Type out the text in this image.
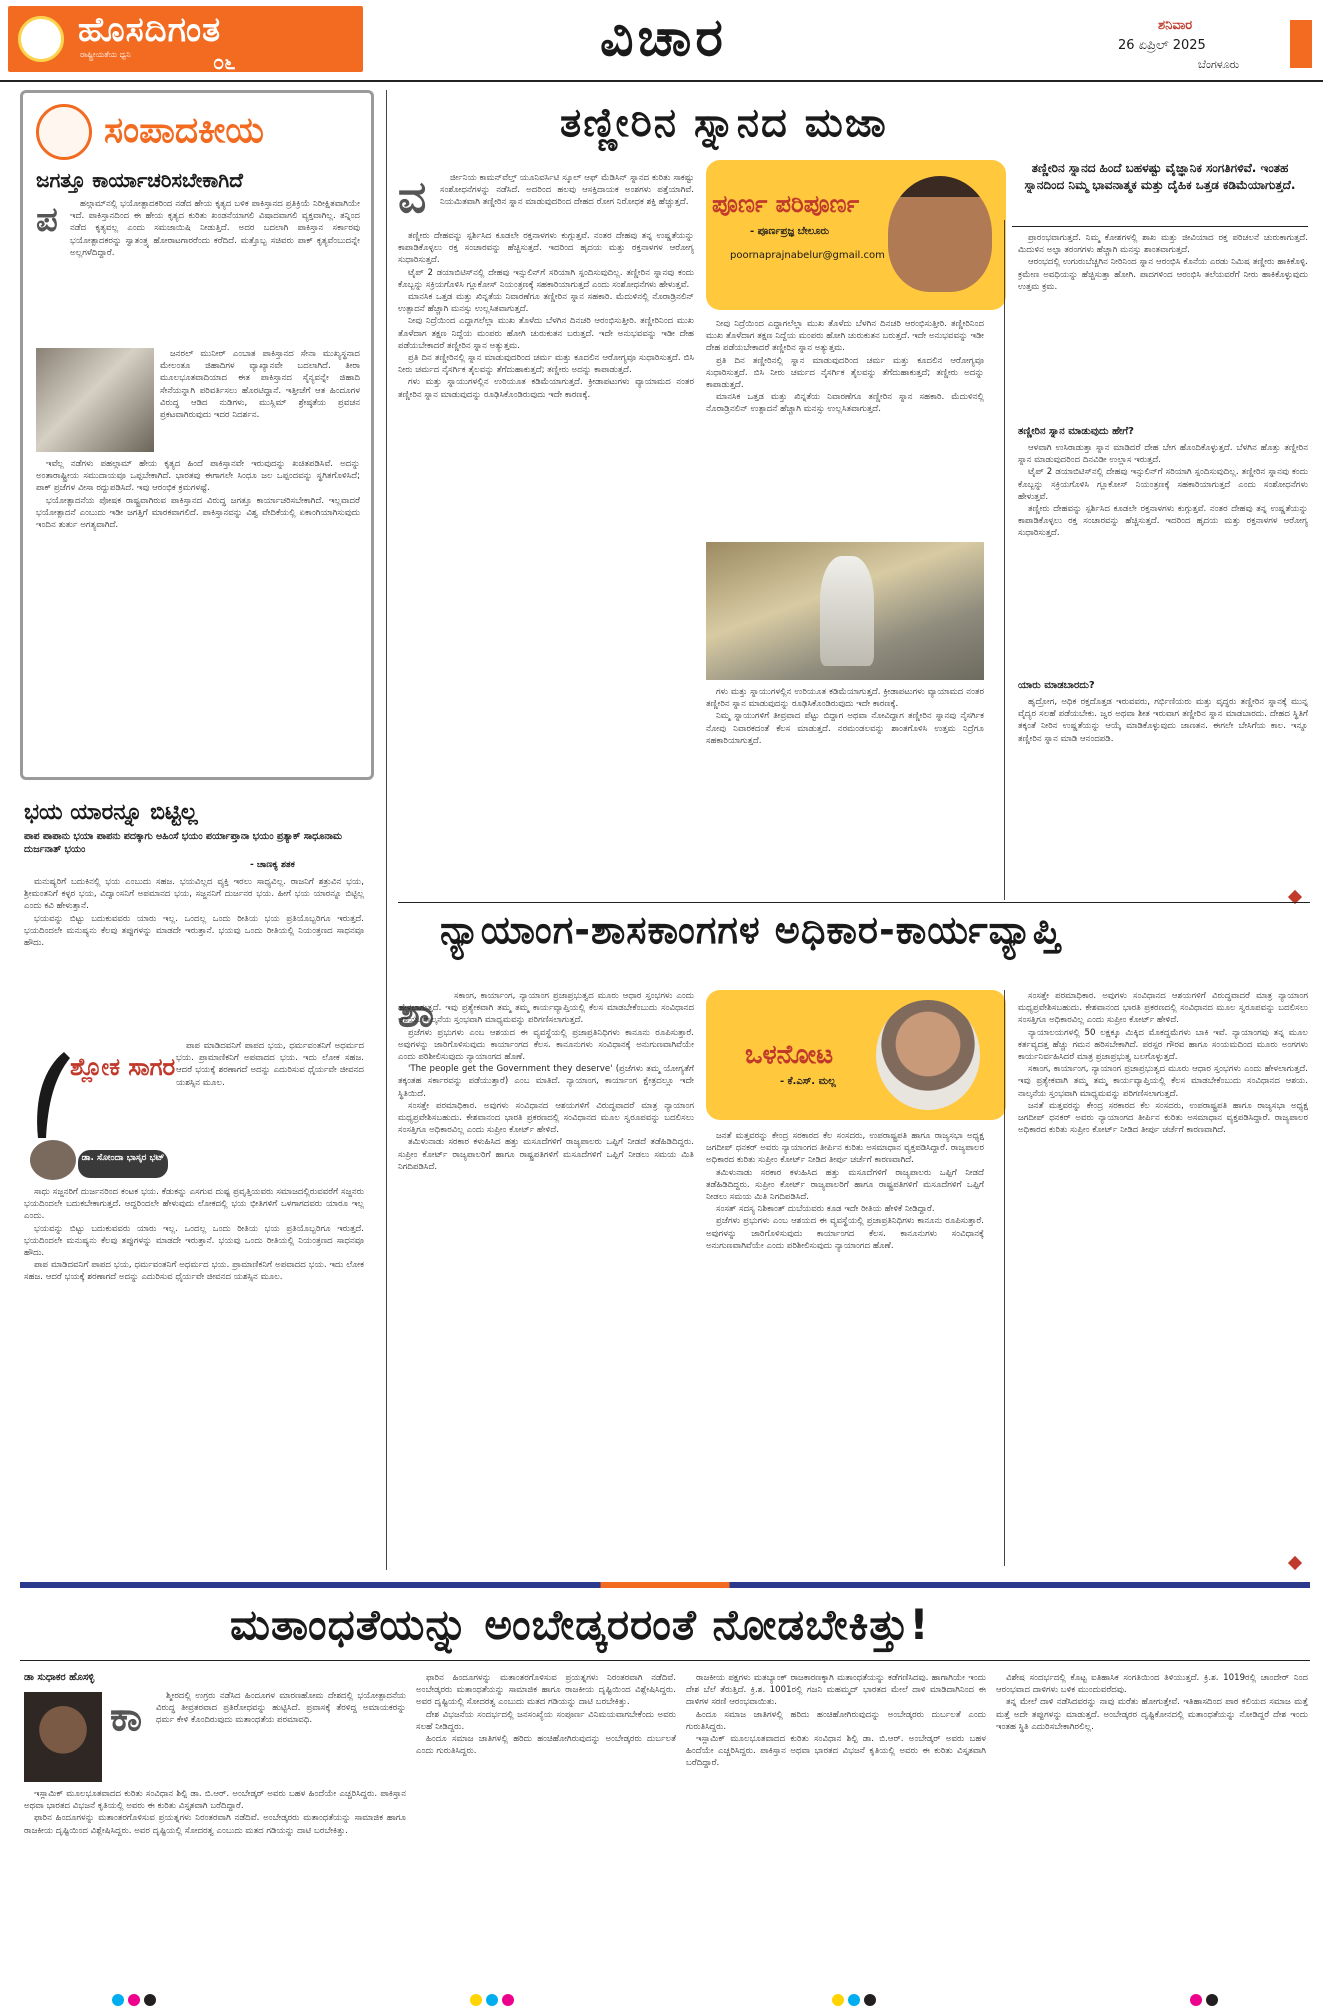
ಹೊಸದಿಗಂತ
ರಾಷ್ಟ್ರೀಯತೆಯ ಧ್ವನಿ	೦೬	ವಿಚಾರ	ಶನಿವಾರ
26 ಏಪ್ರಿಲ್ 2025
ಬೆಂಗಳೂರು
ಸಂಪಾದಕೀಯ
ಜಗತ್ತೂ ಕಾರ್ಯಾಚರಿಸಬೇಕಾಗಿದೆ
ಪ	ಹಲ್ಗಾಮ್‌ನಲ್ಲಿ ಭಯೋತ್ಪಾದಕರಿಂದ ನಡೆದ ಹೇಯ ಕೃತ್ಯದ ಬಳಿಕ ಪಾಕಿಸ್ತಾನದ ಪ್ರತಿಕ್ರಿಯೆ ನಿರೀಕ್ಷಿತವಾಗಿಯೇ ಇದೆ. ಪಾಕಿಸ್ತಾನದಿಂದ ಈ ಹೇಯ ಕೃತ್ಯದ ಕುರಿತು ಖಂಡನೆಯಾಗಲಿ ವಿಷಾದವಾಗಲಿ ವ್ಯಕ್ತವಾಗಿಲ್ಲ. ತನ್ನಿಂದ ನಡೆದ ಕೃತ್ಯವಲ್ಲ ಎಂದು ಸಮಜಾಯಿಷಿ ನೀಡುತ್ತಿದೆ. ಅದರ ಬದಲಾಗಿ ಪಾಕಿಸ್ತಾನ ಸರ್ಕಾರವು ಭಯೋತ್ಪಾದಕರನ್ನು ಸ್ವಾತಂತ್ರ್ಯ ಹೋರಾಟಗಾರರೆಂದು ಕರೆದಿದೆ. ಮತ್ತೊಬ್ಬ ಸಚಿವರು ಪಾಕ್ ಕೃತ್ಯವೆಂಬುದನ್ನೇ ಅಲ್ಲಗಳೆದಿದ್ದಾರೆ.

ಜನರಲ್ ಮುನೀರ್ ಎಂಬಾತ ಪಾಕಿಸ್ತಾನದ ಸೇನಾ ಮುಖ್ಯಸ್ಥನಾದ ಮೇಲಂತೂ ಜಿಹಾದಿಗಳ ವ್ಯಾಖ್ಯಾನವೇ ಬದಲಾಗಿದೆ. ತೀರಾ ಮೂಲಭೂತವಾದಿಯಾದ ಈತ ಪಾಕಿಸ್ತಾನದ ಸೈನ್ಯವನ್ನೇ ಜಿಹಾದಿ ಸೇನೆಯನ್ನಾಗಿ ಪರಿವರ್ತಿಸಲು ಹೊರಟಿದ್ದಾನೆ. ಇತ್ತೀಚೆಗೆ ಆತ ಹಿಂದೂಗಳ ವಿರುದ್ಧ ಆಡಿದ ನುಡಿಗಳು, ಮುಸ್ಲಿಮ್ ಶ್ರೇಷ್ಠತೆಯ ಪ್ರವಚನ ಪ್ರಕಟವಾಗಿರುವುದು ಇದರ ನಿದರ್ಶನ.

ಇವೆಲ್ಲ ನಡೆಗಳು ಪಹಲ್ಗಾಮ್ ಹೇಯ ಕೃತ್ಯದ ಹಿಂದೆ ಪಾಕಿಸ್ತಾನವೇ ಇರುವುದನ್ನು ಖಚಿತಪಡಿಸಿವೆ. ಅದನ್ನು ಅಂತಾರಾಷ್ಟ್ರೀಯ ಸಮುದಾಯವೂ ಒಪ್ಪಬೇಕಾಗಿದೆ. ಭಾರತವು ಈಗಾಗಲೇ ಸಿಂಧೂ ಜಲ ಒಪ್ಪಂದವನ್ನು ಸ್ಥಗಿತಗೊಳಿಸಿದೆ; ಪಾಕ್ ಪ್ರಜೆಗಳ ವೀಸಾ ರದ್ದುಪಡಿಸಿದೆ. ಇವು ಆರಂಭಿಕ ಕ್ರಮಗಳಷ್ಟೆ.

ಭಯೋತ್ಪಾದನೆಯ ಪೋಷಕ ರಾಷ್ಟ್ರವಾಗಿರುವ ಪಾಕಿಸ್ತಾನದ ವಿರುದ್ಧ ಜಗತ್ತೂ ಕಾರ್ಯಾಚರಿಸಬೇಕಾಗಿದೆ. ಇಲ್ಲವಾದರೆ ಭಯೋತ್ಪಾದನೆ ಎಂಬುದು ಇಡೀ ಜಗತ್ತಿಗೆ ಮಾರಕವಾಗಲಿದೆ. ಪಾಕಿಸ್ತಾನವನ್ನು ವಿಶ್ವ ವೇದಿಕೆಯಲ್ಲಿ ಏಕಾಂಗಿಯಾಗಿಸುವುದು ಇಂದಿನ ತುರ್ತು ಅಗತ್ಯವಾಗಿದೆ.

ಭಯ ಯಾರನ್ನೂ ಬಿಟ್ಟಿಲ್ಲ
ಪಾಪ ಪಾಪಾನು ಭಯಾ ಪಾಪನು ಪದಕ್ಕಾಗು ಅಹಿಂಸೆ ಭಯಂ ಪರ್ಯಾಪ್ತಾನಾ ಭಯಂ ಪ್ರತ್ಯಾಕ್ ಸಾಧೂನಾಮ ದುರ್ಜನಾತ್ ಭಯಂ
- ಚಾಣಕ್ಯ ಶತಕ

ಮನುಷ್ಯರಿಗೆ ಬದುಕಿನಲ್ಲಿ ಭಯ ಎಂಬುದು ಸಹಜ. ಭಯವಿಲ್ಲದ ವ್ಯಕ್ತಿ ಇರಲು ಸಾಧ್ಯವಿಲ್ಲ. ರಾಜನಿಗೆ ಶತ್ರುವಿನ ಭಯ, ಶ್ರೀಮಂತನಿಗೆ ಕಳ್ಳರ ಭಯ, ವಿದ್ವಾಂಸನಿಗೆ ಅಪಮಾನದ ಭಯ, ಸಜ್ಜನನಿಗೆ ದುರ್ಜನರ ಭಯ. ಹೀಗೆ ಭಯ ಯಾರನ್ನೂ ಬಿಟ್ಟಿಲ್ಲ ಎಂದು ಕವಿ ಹೇಳುತ್ತಾನೆ.

ಭಯವನ್ನು ಬಿಟ್ಟು ಬದುಕುವವರು ಯಾರು ಇಲ್ಲ. ಒಂದಲ್ಲ ಒಂದು ರೀತಿಯ ಭಯ ಪ್ರತಿಯೊಬ್ಬರಿಗೂ ಇರುತ್ತದೆ. ಭಯದಿಂದಲೇ ಮನುಷ್ಯನು ಕೆಲವು ತಪ್ಪುಗಳನ್ನು ಮಾಡದೇ ಇರುತ್ತಾನೆ. ಭಯವು ಒಂದು ರೀತಿಯಲ್ಲಿ ನಿಯಂತ್ರಣದ ಸಾಧನವೂ ಹೌದು.

ಶ್ಲೋಕ ಸಾಗರ
ಡಾ. ಸೋಂದಾ ಭಾಸ್ಕರ ಭಟ್

ಪಾಪ ಮಾಡಿದವನಿಗೆ ಪಾಪದ ಭಯ, ಧರ್ಮವಂತನಿಗೆ ಅಧರ್ಮದ ಭಯ. ಪ್ರಾಮಾಣಿಕನಿಗೆ ಅಪವಾದದ ಭಯ. ಇದು ಲೋಕ ಸಹಜ. ಆದರೆ ಭಯಕ್ಕೆ ಶರಣಾಗದೆ ಅದನ್ನು ಎದುರಿಸುವ ಧೈರ್ಯವೇ ಜೀವನದ ಯಶಸ್ಸಿನ ಮೂಲ.

ಸಾಧು ಸಜ್ಜನರಿಗೆ ದುರ್ಜನರಿಂದ ಕಂಟಕ ಭಯ. ಕೆಡುಕನ್ನು ಎಸಗುವ ದುಷ್ಟ ಪ್ರವೃತ್ತಿಯವರು ಸಮಾಜದಲ್ಲಿರುವವರೆಗೆ ಸಜ್ಜನರು ಭಯದಿಂದಲೇ ಬದುಕಬೇಕಾಗುತ್ತದೆ. ಆದ್ದರಿಂದಲೇ ಹೇಳುವುದು ಲೋಕದಲ್ಲಿ ಭಯ ಭೀತಿಗಳಿಗೆ ಒಳಗಾಗದವರು ಯಾರೂ ಇಲ್ಲ ಎಂದು.

ಭಯವನ್ನು ಬಿಟ್ಟು ಬದುಕುವವರು ಯಾರು ಇಲ್ಲ. ಒಂದಲ್ಲ ಒಂದು ರೀತಿಯ ಭಯ ಪ್ರತಿಯೊಬ್ಬರಿಗೂ ಇರುತ್ತದೆ. ಭಯದಿಂದಲೇ ಮನುಷ್ಯನು ಕೆಲವು ತಪ್ಪುಗಳನ್ನು ಮಾಡದೇ ಇರುತ್ತಾನೆ. ಭಯವು ಒಂದು ರೀತಿಯಲ್ಲಿ ನಿಯಂತ್ರಣದ ಸಾಧನವೂ ಹೌದು.

ಪಾಪ ಮಾಡಿದವನಿಗೆ ಪಾಪದ ಭಯ, ಧರ್ಮವಂತನಿಗೆ ಅಧರ್ಮದ ಭಯ. ಪ್ರಾಮಾಣಿಕನಿಗೆ ಅಪವಾದದ ಭಯ. ಇದು ಲೋಕ ಸಹಜ. ಆದರೆ ಭಯಕ್ಕೆ ಶರಣಾಗದೆ ಅದನ್ನು ಎದುರಿಸುವ ಧೈರ್ಯವೇ ಜೀವನದ ಯಶಸ್ಸಿನ ಮೂಲ.

ತಣ್ಣೀರಿನ ಸ್ನಾನದ ಮಜಾ
ತಣ್ಣೀರಿನ ಸ್ನಾನದ ಹಿಂದೆ ಬಹಳಷ್ಟು ವೈಜ್ಞಾನಿಕ ಸಂಗತಿಗಳಿವೆ. ಇಂತಹ ಸ್ನಾನದಿಂದ ನಿಮ್ಮ ಭಾವನಾತ್ಮಕ ಮತ್ತು ದೈಹಿಕ ಒತ್ತಡ ಕಡಿಮೆಯಾಗುತ್ತದೆ.
ವ	ರ್ಜೀನಿಯ ಕಾಮನ್‌ವೆಲ್ತ್ ಯೂನಿವರ್ಸಿಟಿ ಸ್ಕೂಲ್ ಆಫ್ ಮೆಡಿಸಿನ್ ಸ್ನಾನದ ಕುರಿತು ಸಾಕಷ್ಟು ಸಂಶೋಧನೆಗಳನ್ನು ನಡೆಸಿದೆ. ಅದರಿಂದ ಹಲವು ಆಸಕ್ತಿದಾಯಕ ಅಂಶಗಳು ಪತ್ತೆಯಾಗಿವೆ. ನಿಯಮಿತವಾಗಿ ತಣ್ಣೀರಿನ ಸ್ನಾನ ಮಾಡುವುದರಿಂದ ದೇಹದ ರೋಗ ನಿರೋಧಕ ಶಕ್ತಿ ಹೆಚ್ಚುತ್ತದೆ.

ತಣ್ಣೀರು ದೇಹವನ್ನು ಸ್ಪರ್ಶಿಸಿದ ಕೂಡಲೇ ರಕ್ತನಾಳಗಳು ಕುಗ್ಗುತ್ತವೆ. ನಂತರ ದೇಹವು ತನ್ನ ಉಷ್ಣತೆಯನ್ನು ಕಾಪಾಡಿಕೊಳ್ಳಲು ರಕ್ತ ಸಂಚಾರವನ್ನು ಹೆಚ್ಚಿಸುತ್ತದೆ. ಇದರಿಂದ ಹೃದಯ ಮತ್ತು ರಕ್ತನಾಳಗಳ ಆರೋಗ್ಯ ಸುಧಾರಿಸುತ್ತದೆ.

ಟೈಪ್ 2 ಡಯಾಬಿಟಿಸ್‌ನಲ್ಲಿ ದೇಹವು ಇನ್ಸುಲಿನ್‌ಗೆ ಸರಿಯಾಗಿ ಸ್ಪಂದಿಸುವುದಿಲ್ಲ. ತಣ್ಣೀರಿನ ಸ್ನಾನವು ಕಂದು ಕೊಬ್ಬನ್ನು ಸಕ್ರಿಯಗೊಳಿಸಿ ಗ್ಲೂಕೋಸ್ ನಿಯಂತ್ರಣಕ್ಕೆ ಸಹಕಾರಿಯಾಗುತ್ತದೆ ಎಂದು ಸಂಶೋಧನೆಗಳು ಹೇಳುತ್ತವೆ.

ಮಾನಸಿಕ ಒತ್ತಡ ಮತ್ತು ಖಿನ್ನತೆಯ ನಿವಾರಣೆಗೂ ತಣ್ಣೀರಿನ ಸ್ನಾನ ಸಹಕಾರಿ. ಮೆದುಳಿನಲ್ಲಿ ನೊರಾಡ್ರಿನಲಿನ್ ಉತ್ಪಾದನೆ ಹೆಚ್ಚಾಗಿ ಮನಸ್ಸು ಉಲ್ಲಸಿತವಾಗುತ್ತದೆ.

ನೀವು ನಿದ್ರೆಯಿಂದ ಎದ್ದಾಗಲೆಲ್ಲಾ ಮುಖ ತೊಳೆದು ಬೆಳಗಿನ ದಿನಚರಿ ಆರಂಭಿಸುತ್ತೀರಿ. ತಣ್ಣೀರಿನಿಂದ ಮುಖ ತೊಳೆದಾಗ ತಕ್ಷಣ ನಿದ್ದೆಯ ಮಂಪರು ಹೋಗಿ ಚುರುಕುತನ ಬರುತ್ತದೆ. ಇದೇ ಅನುಭವವನ್ನು ಇಡೀ ದೇಹ ಪಡೆಯಬೇಕಾದರೆ ತಣ್ಣೀರಿನ ಸ್ನಾನ ಅತ್ಯುತ್ತಮ.

ಪ್ರತಿ ದಿನ ತಣ್ಣೀರಿನಲ್ಲಿ ಸ್ನಾನ ಮಾಡುವುದರಿಂದ ಚರ್ಮ ಮತ್ತು ಕೂದಲಿನ ಆರೋಗ್ಯವೂ ಸುಧಾರಿಸುತ್ತದೆ. ಬಿಸಿ ನೀರು ಚರ್ಮದ ನೈಸರ್ಗಿಕ ತೈಲವನ್ನು ತೆಗೆದುಹಾಕುತ್ತದೆ; ತಣ್ಣೀರು ಅದನ್ನು ಕಾಪಾಡುತ್ತದೆ.

ಗಳು ಮತ್ತು ಸ್ನಾಯುಗಳಲ್ಲಿನ ಉರಿಯೂತ ಕಡಿಮೆಯಾಗುತ್ತದೆ. ಕ್ರೀಡಾಪಟುಗಳು ವ್ಯಾಯಾಮದ ನಂತರ ತಣ್ಣೀರಿನ ಸ್ನಾನ ಮಾಡುವುದನ್ನು ರೂಢಿಸಿಕೊಂಡಿರುವುದು ಇದೇ ಕಾರಣಕ್ಕೆ.

ಪೂರ್ಣ ಪರಿಪೂರ್ಣ
- ಪೂರ್ಣಪ್ರಜ್ಞ ಬೇಲೂರು
poornaprajnabelur@gmail.com

ನೀವು ನಿದ್ರೆಯಿಂದ ಎದ್ದಾಗಲೆಲ್ಲಾ ಮುಖ ತೊಳೆದು ಬೆಳಗಿನ ದಿನಚರಿ ಆರಂಭಿಸುತ್ತೀರಿ. ತಣ್ಣೀರಿನಿಂದ ಮುಖ ತೊಳೆದಾಗ ತಕ್ಷಣ ನಿದ್ದೆಯ ಮಂಪರು ಹೋಗಿ ಚುರುಕುತನ ಬರುತ್ತದೆ. ಇದೇ ಅನುಭವವನ್ನು ಇಡೀ ದೇಹ ಪಡೆಯಬೇಕಾದರೆ ತಣ್ಣೀರಿನ ಸ್ನಾನ ಅತ್ಯುತ್ತಮ.

ಪ್ರತಿ ದಿನ ತಣ್ಣೀರಿನಲ್ಲಿ ಸ್ನಾನ ಮಾಡುವುದರಿಂದ ಚರ್ಮ ಮತ್ತು ಕೂದಲಿನ ಆರೋಗ್ಯವೂ ಸುಧಾರಿಸುತ್ತದೆ. ಬಿಸಿ ನೀರು ಚರ್ಮದ ನೈಸರ್ಗಿಕ ತೈಲವನ್ನು ತೆಗೆದುಹಾಕುತ್ತದೆ; ತಣ್ಣೀರು ಅದನ್ನು ಕಾಪಾಡುತ್ತದೆ.

ಮಾನಸಿಕ ಒತ್ತಡ ಮತ್ತು ಖಿನ್ನತೆಯ ನಿವಾರಣೆಗೂ ತಣ್ಣೀರಿನ ಸ್ನಾನ ಸಹಕಾರಿ. ಮೆದುಳಿನಲ್ಲಿ ನೊರಾಡ್ರಿನಲಿನ್ ಉತ್ಪಾದನೆ ಹೆಚ್ಚಾಗಿ ಮನಸ್ಸು ಉಲ್ಲಸಿತವಾಗುತ್ತದೆ.

ಗಳು ಮತ್ತು ಸ್ನಾಯುಗಳಲ್ಲಿನ ಉರಿಯೂತ ಕಡಿಮೆಯಾಗುತ್ತದೆ. ಕ್ರೀಡಾಪಟುಗಳು ವ್ಯಾಯಾಮದ ನಂತರ ತಣ್ಣೀರಿನ ಸ್ನಾನ ಮಾಡುವುದನ್ನು ರೂಢಿಸಿಕೊಂಡಿರುವುದು ಇದೇ ಕಾರಣಕ್ಕೆ.

ನಿಮ್ಮ ಸ್ನಾಯುಗಳಿಗೆ ತೀವ್ರವಾದ ಪೆಟ್ಟು ಬಿದ್ದಾಗ ಅಥವಾ ನೋವಿದ್ದಾಗ ತಣ್ಣೀರಿನ ಸ್ನಾನವು ನೈಸರ್ಗಿಕ ನೋವು ನಿವಾರಕದಂತೆ ಕೆಲಸ ಮಾಡುತ್ತದೆ. ನರಮಂಡಲವನ್ನು ಶಾಂತಗೊಳಿಸಿ ಉತ್ತಮ ನಿದ್ರೆಗೂ ಸಹಕಾರಿಯಾಗುತ್ತದೆ.

ಪ್ರಾರಂಭವಾಗುತ್ತದೆ. ನಿಮ್ಮ ಕೋಶಗಳಲ್ಲಿ ಶಾಖ ಮತ್ತು ಜೀವಿಯಾದ ರಕ್ತ ಪರಿಚಲನೆ ಚುರುಕಾಗುತ್ತದೆ. ಮಿದುಳಿನ ಅಲ್ಫಾ ತರಂಗಗಳು ಹೆಚ್ಚಾಗಿ ಮನಸ್ಸು ಶಾಂತವಾಗುತ್ತದೆ.

ಆರಂಭದಲ್ಲಿ ಉಗುರುಬೆಚ್ಚಗಿನ ನೀರಿನಿಂದ ಸ್ನಾನ ಆರಂಭಿಸಿ ಕೊನೆಯ ಎರಡು ನಿಮಿಷ ತಣ್ಣೀರು ಹಾಕಿಕೊಳ್ಳಿ. ಕ್ರಮೇಣ ಅವಧಿಯನ್ನು ಹೆಚ್ಚಿಸುತ್ತಾ ಹೋಗಿ. ಪಾದಗಳಿಂದ ಆರಂಭಿಸಿ ತಲೆಯವರೆಗೆ ನೀರು ಹಾಕಿಕೊಳ್ಳುವುದು ಉತ್ತಮ ಕ್ರಮ.

ತಣ್ಣೀರಿನ ಸ್ನಾನ ಮಾಡುವುದು ಹೇಗೆ?

ಆಳವಾಗಿ ಉಸಿರಾಡುತ್ತಾ ಸ್ನಾನ ಮಾಡಿದರೆ ದೇಹ ಬೇಗ ಹೊಂದಿಕೊಳ್ಳುತ್ತದೆ. ಬೆಳಗಿನ ಹೊತ್ತು ತಣ್ಣೀರಿನ ಸ್ನಾನ ಮಾಡುವುದರಿಂದ ದಿನವಿಡೀ ಉಲ್ಲಾಸ ಇರುತ್ತದೆ.

ಟೈಪ್ 2 ಡಯಾಬಿಟಿಸ್‌ನಲ್ಲಿ ದೇಹವು ಇನ್ಸುಲಿನ್‌ಗೆ ಸರಿಯಾಗಿ ಸ್ಪಂದಿಸುವುದಿಲ್ಲ. ತಣ್ಣೀರಿನ ಸ್ನಾನವು ಕಂದು ಕೊಬ್ಬನ್ನು ಸಕ್ರಿಯಗೊಳಿಸಿ ಗ್ಲೂಕೋಸ್ ನಿಯಂತ್ರಣಕ್ಕೆ ಸಹಕಾರಿಯಾಗುತ್ತದೆ ಎಂದು ಸಂಶೋಧನೆಗಳು ಹೇಳುತ್ತವೆ.

ತಣ್ಣೀರು ದೇಹವನ್ನು ಸ್ಪರ್ಶಿಸಿದ ಕೂಡಲೇ ರಕ್ತನಾಳಗಳು ಕುಗ್ಗುತ್ತವೆ. ನಂತರ ದೇಹವು ತನ್ನ ಉಷ್ಣತೆಯನ್ನು ಕಾಪಾಡಿಕೊಳ್ಳಲು ರಕ್ತ ಸಂಚಾರವನ್ನು ಹೆಚ್ಚಿಸುತ್ತದೆ. ಇದರಿಂದ ಹೃದಯ ಮತ್ತು ರಕ್ತನಾಳಗಳ ಆರೋಗ್ಯ ಸುಧಾರಿಸುತ್ತದೆ.

ಯಾರು ಮಾಡಬಾರದು?

ಹೃದ್ರೋಗ, ಅಧಿಕ ರಕ್ತದೊತ್ತಡ ಇರುವವರು, ಗರ್ಭಿಣಿಯರು ಮತ್ತು ವೃದ್ಧರು ತಣ್ಣೀರಿನ ಸ್ನಾನಕ್ಕೆ ಮುನ್ನ ವೈದ್ಯರ ಸಲಹೆ ಪಡೆಯಬೇಕು. ಜ್ವರ ಅಥವಾ ಶೀತ ಇರುವಾಗ ತಣ್ಣೀರಿನ ಸ್ನಾನ ಮಾಡಬಾರದು. ದೇಹದ ಸ್ಥಿತಿಗೆ ತಕ್ಕಂತೆ ನೀರಿನ ಉಷ್ಣತೆಯನ್ನು ಆಯ್ಕೆ ಮಾಡಿಕೊಳ್ಳುವುದು ಜಾಣತನ. ಈಗಲೇ ಬೇಸಿಗೆಯ ಕಾಲ. ಇನ್ನೂ ತಣ್ಣೀರಿನ ಸ್ನಾನ ಮಾಡಿ ಆನಂದಪಡಿ.

ನ್ಯಾಯಾಂಗ-ಶಾಸಕಾಂಗಗಳ ಅಧಿಕಾರ-ಕಾರ್ಯವ್ಯಾಪ್ತಿ
ಶಾ	ಸಕಾಂಗ, ಕಾರ್ಯಾಂಗ, ನ್ಯಾಯಾಂಗ ಪ್ರಜಾಪ್ರಭುತ್ವದ ಮೂರು ಆಧಾರ ಸ್ತಂಭಗಳು ಎಂದು ಹೇಳಲಾಗುತ್ತದೆ. ಇವು ಪ್ರತ್ಯೇಕವಾಗಿ ತಮ್ಮ ತಮ್ಮ ಕಾರ್ಯವ್ಯಾಪ್ತಿಯಲ್ಲಿ ಕೆಲಸ ಮಾಡಬೇಕೆಂಬುದು ಸಂವಿಧಾನದ ಆಶಯ. ನಾಲ್ಕನೆಯ ಸ್ತಂಭವಾಗಿ ಮಾಧ್ಯಮವನ್ನು ಪರಿಗಣಿಸಲಾಗುತ್ತದೆ.

ಪ್ರಜೆಗಳು ಪ್ರಭುಗಳು ಎಂಬ ಆಶಯದ ಈ ವ್ಯವಸ್ಥೆಯಲ್ಲಿ ಪ್ರಜಾಪ್ರತಿನಿಧಿಗಳು ಕಾನೂನು ರೂಪಿಸುತ್ತಾರೆ. ಅವುಗಳನ್ನು ಜಾರಿಗೊಳಿಸುವುದು ಕಾರ್ಯಾಂಗದ ಕೆಲಸ. ಕಾನೂನುಗಳು ಸಂವಿಧಾನಕ್ಕೆ ಅನುಗುಣವಾಗಿವೆಯೇ ಎಂದು ಪರಿಶೀಲಿಸುವುದು ನ್ಯಾಯಾಂಗದ ಹೊಣೆ.

'The people get the Government they deserve' (ಪ್ರಜೆಗಳು ತಮ್ಮ ಯೋಗ್ಯತೆಗೆ ತಕ್ಕಂತಹ ಸರ್ಕಾರವನ್ನು ಪಡೆಯುತ್ತಾರೆ) ಎಂಬ ಮಾತಿದೆ. ನ್ಯಾಯಾಂಗ, ಕಾರ್ಯಾಂಗ ಕ್ಷೇತ್ರದಲ್ಲೂ ಇದೇ ಸ್ಥಿತಿಯಿದೆ.

ಸಂಸತ್ತೇ ಪರಮಾಧಿಕಾರ. ಅವುಗಳು ಸಂವಿಧಾನದ ಆಶಯಗಳಿಗೆ ವಿರುದ್ಧವಾದರೆ ಮಾತ್ರ ನ್ಯಾಯಾಂಗ ಮಧ್ಯಪ್ರವೇಶಿಸಬಹುದು. ಕೇಶವಾನಂದ ಭಾರತಿ ಪ್ರಕರಣದಲ್ಲಿ ಸಂವಿಧಾನದ ಮೂಲ ಸ್ವರೂಪವನ್ನು ಬದಲಿಸಲು ಸಂಸತ್ತಿಗೂ ಅಧಿಕಾರವಿಲ್ಲ ಎಂದು ಸುಪ್ರೀಂ ಕೋರ್ಟ್ ಹೇಳಿದೆ.

ತಮಿಳುನಾಡು ಸರಕಾರ ಕಳುಹಿಸಿದ ಹತ್ತು ಮಸೂದೆಗಳಿಗೆ ರಾಜ್ಯಪಾಲರು ಒಪ್ಪಿಗೆ ನೀಡದೆ ತಡೆಹಿಡಿದಿದ್ದರು. ಸುಪ್ರೀಂ ಕೋರ್ಟ್ ರಾಜ್ಯಪಾಲರಿಗೆ ಹಾಗೂ ರಾಷ್ಟ್ರಪತಿಗಳಿಗೆ ಮಸೂದೆಗಳಿಗೆ ಒಪ್ಪಿಗೆ ನೀಡಲು ಸಮಯ ಮಿತಿ ನಿಗದಿಪಡಿಸಿದೆ.

ಒಳನೋಟ
- ಕೆ.ಎಸ್. ಮಲ್ಲ

ಜನತೆ ಮತ್ತವರನ್ನು ಕೇಂದ್ರ ಸರಕಾರದ ಕೆಲ ಸಂಸದರು, ಉಪರಾಷ್ಟ್ರಪತಿ ಹಾಗೂ ರಾಜ್ಯಸಭಾ ಅಧ್ಯಕ್ಷ ಜಗದೀಪ್ ಧನಕರ್ ಅವರು ನ್ಯಾಯಾಂಗದ ತೀರ್ಪಿನ ಕುರಿತು ಅಸಮಾಧಾನ ವ್ಯಕ್ತಪಡಿಸಿದ್ದಾರೆ. ರಾಜ್ಯಪಾಲರ ಅಧಿಕಾರದ ಕುರಿತು ಸುಪ್ರೀಂ ಕೋರ್ಟ್ ನೀಡಿದ ತೀರ್ಪು ಚರ್ಚೆಗೆ ಕಾರಣವಾಗಿದೆ.

ತಮಿಳುನಾಡು ಸರಕಾರ ಕಳುಹಿಸಿದ ಹತ್ತು ಮಸೂದೆಗಳಿಗೆ ರಾಜ್ಯಪಾಲರು ಒಪ್ಪಿಗೆ ನೀಡದೆ ತಡೆಹಿಡಿದಿದ್ದರು. ಸುಪ್ರೀಂ ಕೋರ್ಟ್ ರಾಜ್ಯಪಾಲರಿಗೆ ಹಾಗೂ ರಾಷ್ಟ್ರಪತಿಗಳಿಗೆ ಮಸೂದೆಗಳಿಗೆ ಒಪ್ಪಿಗೆ ನೀಡಲು ಸಮಯ ಮಿತಿ ನಿಗದಿಪಡಿಸಿದೆ.

ಸಂಸತ್ ಸದಸ್ಯ ನಿಶಿಕಾಂತ್ ದುಬೆಯವರು ಕೂಡ ಇದೇ ರೀತಿಯ ಹೇಳಿಕೆ ನೀಡಿದ್ದಾರೆ.

ಪ್ರಜೆಗಳು ಪ್ರಭುಗಳು ಎಂಬ ಆಶಯದ ಈ ವ್ಯವಸ್ಥೆಯಲ್ಲಿ ಪ್ರಜಾಪ್ರತಿನಿಧಿಗಳು ಕಾನೂನು ರೂಪಿಸುತ್ತಾರೆ. ಅವುಗಳನ್ನು ಜಾರಿಗೊಳಿಸುವುದು ಕಾರ್ಯಾಂಗದ ಕೆಲಸ. ಕಾನೂನುಗಳು ಸಂವಿಧಾನಕ್ಕೆ ಅನುಗುಣವಾಗಿವೆಯೇ ಎಂದು ಪರಿಶೀಲಿಸುವುದು ನ್ಯಾಯಾಂಗದ ಹೊಣೆ.

ಸಂಸತ್ತೇ ಪರಮಾಧಿಕಾರ. ಅವುಗಳು ಸಂವಿಧಾನದ ಆಶಯಗಳಿಗೆ ವಿರುದ್ಧವಾದರೆ ಮಾತ್ರ ನ್ಯಾಯಾಂಗ ಮಧ್ಯಪ್ರವೇಶಿಸಬಹುದು. ಕೇಶವಾನಂದ ಭಾರತಿ ಪ್ರಕರಣದಲ್ಲಿ ಸಂವಿಧಾನದ ಮೂಲ ಸ್ವರೂಪವನ್ನು ಬದಲಿಸಲು ಸಂಸತ್ತಿಗೂ ಅಧಿಕಾರವಿಲ್ಲ ಎಂದು ಸುಪ್ರೀಂ ಕೋರ್ಟ್ ಹೇಳಿದೆ.

ನ್ಯಾಯಾಲಯಗಳಲ್ಲಿ 50 ಲಕ್ಷಕ್ಕೂ ಮಿಕ್ಕಿದ ಮೊಕದ್ದಮೆಗಳು ಬಾಕಿ ಇವೆ. ನ್ಯಾಯಾಂಗವು ತನ್ನ ಮೂಲ ಕರ್ತವ್ಯದತ್ತ ಹೆಚ್ಚು ಗಮನ ಹರಿಸಬೇಕಾಗಿದೆ. ಪರಸ್ಪರ ಗೌರವ ಹಾಗೂ ಸಂಯಮದಿಂದ ಮೂರು ಅಂಗಗಳು ಕಾರ್ಯನಿರ್ವಹಿಸಿದರೆ ಮಾತ್ರ ಪ್ರಜಾಪ್ರಭುತ್ವ ಬಲಗೊಳ್ಳುತ್ತದೆ.

ಸಕಾಂಗ, ಕಾರ್ಯಾಂಗ, ನ್ಯಾಯಾಂಗ ಪ್ರಜಾಪ್ರಭುತ್ವದ ಮೂರು ಆಧಾರ ಸ್ತಂಭಗಳು ಎಂದು ಹೇಳಲಾಗುತ್ತದೆ. ಇವು ಪ್ರತ್ಯೇಕವಾಗಿ ತಮ್ಮ ತಮ್ಮ ಕಾರ್ಯವ್ಯಾಪ್ತಿಯಲ್ಲಿ ಕೆಲಸ ಮಾಡಬೇಕೆಂಬುದು ಸಂವಿಧಾನದ ಆಶಯ. ನಾಲ್ಕನೆಯ ಸ್ತಂಭವಾಗಿ ಮಾಧ್ಯಮವನ್ನು ಪರಿಗಣಿಸಲಾಗುತ್ತದೆ.

ಜನತೆ ಮತ್ತವರನ್ನು ಕೇಂದ್ರ ಸರಕಾರದ ಕೆಲ ಸಂಸದರು, ಉಪರಾಷ್ಟ್ರಪತಿ ಹಾಗೂ ರಾಜ್ಯಸಭಾ ಅಧ್ಯಕ್ಷ ಜಗದೀಪ್ ಧನಕರ್ ಅವರು ನ್ಯಾಯಾಂಗದ ತೀರ್ಪಿನ ಕುರಿತು ಅಸಮಾಧಾನ ವ್ಯಕ್ತಪಡಿಸಿದ್ದಾರೆ. ರಾಜ್ಯಪಾಲರ ಅಧಿಕಾರದ ಕುರಿತು ಸುಪ್ರೀಂ ಕೋರ್ಟ್ ನೀಡಿದ ತೀರ್ಪು ಚರ್ಚೆಗೆ ಕಾರಣವಾಗಿದೆ.

ಮತಾಂಧತೆಯನ್ನು ಅಂಬೇಡ್ಕರರಂತೆ ನೋಡಬೇಕಿತ್ತು!
ಡಾ ಸುಧಾಕರ ಹೊಸಳ್ಳಿ
ಕಾ	ಶ್ಮೀರದಲ್ಲಿ ಉಗ್ರರು ನಡೆಸಿದ ಹಿಂದೂಗಳ ಮಾರಣಹೋಮ ದೇಶದಲ್ಲಿ ಭಯೋತ್ಪಾದನೆಯ ವಿರುದ್ಧ ತೀವ್ರತರವಾದ ಪ್ರತಿರೋಧವನ್ನು ಹುಟ್ಟಿಸಿದೆ. ಪ್ರವಾಸಕ್ಕೆ ತೆರಳಿದ್ದ ಅಮಾಯಕರನ್ನು ಧರ್ಮ ಕೇಳಿ ಕೊಂದಿರುವುದು ಮತಾಂಧತೆಯ ಪರಮಾವಧಿ.

ಇಸ್ಲಾಮಿಕ್ ಮೂಲಭೂತವಾದದ ಕುರಿತು ಸಂವಿಧಾನ ಶಿಲ್ಪಿ ಡಾ. ಬಿ.ಆರ್. ಅಂಬೇಡ್ಕರ್ ಅವರು ಬಹಳ ಹಿಂದೆಯೇ ಎಚ್ಚರಿಸಿದ್ದರು. ಪಾಕಿಸ್ತಾನ ಅಥವಾ ಭಾರತದ ವಿಭಜನೆ ಕೃತಿಯಲ್ಲಿ ಅವರು ಈ ಕುರಿತು ವಿಸ್ತೃತವಾಗಿ ಬರೆದಿದ್ದಾರೆ.

ಫಾರಿನ ಹಿಂದೂಗಳನ್ನು ಮತಾಂತರಗೊಳಿಸುವ ಪ್ರಯತ್ನಗಳು ನಿರಂತರವಾಗಿ ನಡೆದಿವೆ. ಅಂಬೇಡ್ಕರರು ಮತಾಂಧತೆಯನ್ನು ಸಾಮಾಜಿಕ ಹಾಗೂ ರಾಜಕೀಯ ದೃಷ್ಟಿಯಿಂದ ವಿಶ್ಲೇಷಿಸಿದ್ದರು. ಅವರ ದೃಷ್ಟಿಯಲ್ಲಿ ಸೋದರತ್ವ ಎಂಬುದು ಮತದ ಗಡಿಯನ್ನು ದಾಟಿ ಬರಬೇಕಿತ್ತು.

ಫಾರಿನ ಹಿಂದೂಗಳನ್ನು ಮತಾಂತರಗೊಳಿಸುವ ಪ್ರಯತ್ನಗಳು ನಿರಂತರವಾಗಿ ನಡೆದಿವೆ. ಅಂಬೇಡ್ಕರರು ಮತಾಂಧತೆಯನ್ನು ಸಾಮಾಜಿಕ ಹಾಗೂ ರಾಜಕೀಯ ದೃಷ್ಟಿಯಿಂದ ವಿಶ್ಲೇಷಿಸಿದ್ದರು. ಅವರ ದೃಷ್ಟಿಯಲ್ಲಿ ಸೋದರತ್ವ ಎಂಬುದು ಮತದ ಗಡಿಯನ್ನು ದಾಟಿ ಬರಬೇಕಿತ್ತು.

ದೇಶ ವಿಭಜನೆಯ ಸಂದರ್ಭದಲ್ಲಿ ಜನಸಂಖ್ಯೆಯ ಸಂಪೂರ್ಣ ವಿನಿಮಯವಾಗಬೇಕೆಂದು ಅವರು ಸಲಹೆ ನೀಡಿದ್ದರು.

ಹಿಂದೂ ಸಮಾಜ ಜಾತಿಗಳಲ್ಲಿ ಹರಿದು ಹಂಚಿಹೋಗಿರುವುದನ್ನು ಅಂಬೇಡ್ಕರರು ದುರ್ಬಲತೆ ಎಂದು ಗುರುತಿಸಿದ್ದರು.

ರಾಜಕೀಯ ಪಕ್ಷಗಳು ಮತಬ್ಯಾಂಕ್ ರಾಜಕಾರಣಕ್ಕಾಗಿ ಮತಾಂಧತೆಯನ್ನು ಕಡೆಗಣಿಸಿದವು. ಹಾಗಾಗಿಯೇ ಇಂದು ದೇಶ ಬೆಲೆ ತೆರುತ್ತಿದೆ. ಕ್ರಿ.ಶ. 1001ರಲ್ಲಿ ಗಜನಿ ಮಹಮ್ಮದ್ ಭಾರತದ ಮೇಲೆ ದಾಳಿ ಮಾಡಿದಾಗಿನಿಂದ ಈ ದಾಳಿಗಳ ಸರಣಿ ಆರಂಭವಾಯಿತು.

ಹಿಂದೂ ಸಮಾಜ ಜಾತಿಗಳಲ್ಲಿ ಹರಿದು ಹಂಚಿಹೋಗಿರುವುದನ್ನು ಅಂಬೇಡ್ಕರರು ದುರ್ಬಲತೆ ಎಂದು ಗುರುತಿಸಿದ್ದರು.

ಇಸ್ಲಾಮಿಕ್ ಮೂಲಭೂತವಾದದ ಕುರಿತು ಸಂವಿಧಾನ ಶಿಲ್ಪಿ ಡಾ. ಬಿ.ಆರ್. ಅಂಬೇಡ್ಕರ್ ಅವರು ಬಹಳ ಹಿಂದೆಯೇ ಎಚ್ಚರಿಸಿದ್ದರು. ಪಾಕಿಸ್ತಾನ ಅಥವಾ ಭಾರತದ ವಿಭಜನೆ ಕೃತಿಯಲ್ಲಿ ಅವರು ಈ ಕುರಿತು ವಿಸ್ತೃತವಾಗಿ ಬರೆದಿದ್ದಾರೆ.

ವಿಶೇಷ ಸಂದರ್ಭದಲ್ಲಿ ಕೊಟ್ಟ ಐತಿಹಾಸಿಕ ಸಂಗತಿಯಿಂದ ತಿಳಿಯುತ್ತದೆ. ಕ್ರಿ.ಶ. 1019ರಲ್ಲಿ ಚಾಂದೇರ್ ನಿಂದ ಆರಂಭವಾದ ದಾಳಿಗಳು ಬಳಿಕ ಮುಂದುವರೆದವು.

ತನ್ನ ಮೇಲೆ ದಾಳಿ ನಡೆಸಿದವರನ್ನು ನಾವು ಮರೆತು ಹೋಗುತ್ತೇವೆ. ಇತಿಹಾಸದಿಂದ ಪಾಠ ಕಲಿಯದ ಸಮಾಜ ಮತ್ತೆ ಮತ್ತೆ ಅದೇ ತಪ್ಪುಗಳನ್ನು ಮಾಡುತ್ತದೆ. ಅಂಬೇಡ್ಕರರ ದೃಷ್ಟಿಕೋನದಲ್ಲಿ ಮತಾಂಧತೆಯನ್ನು ನೋಡಿದ್ದರೆ ದೇಶ ಇಂದು ಇಂತಹ ಸ್ಥಿತಿ ಎದುರಿಸಬೇಕಾಗಿರಲಿಲ್ಲ.
